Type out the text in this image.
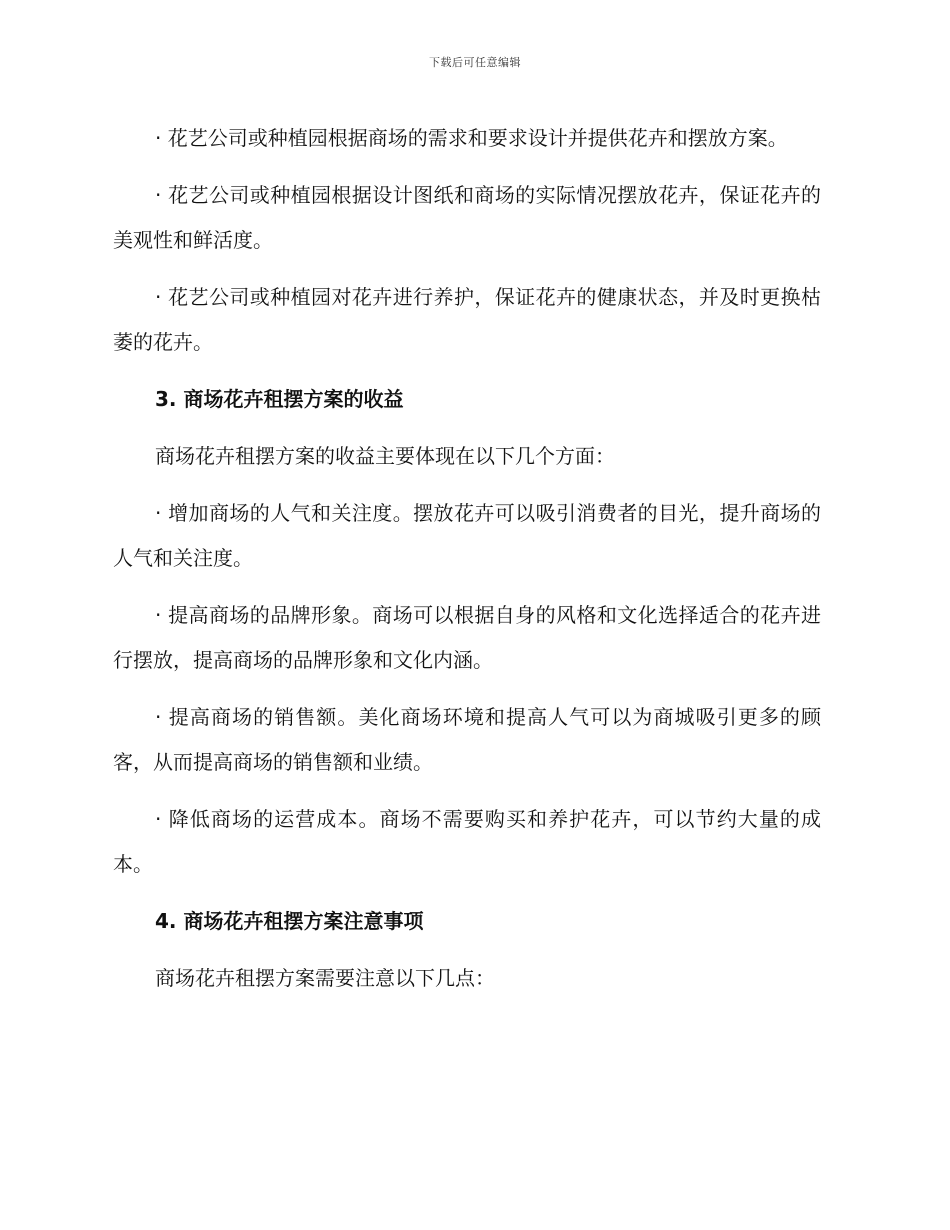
下载后可任意编辑

· 花艺公司或种植园根据商场的需求和要求设计并提供花卉和摆放方案。

· 花艺公司或种植园根据设计图纸和商场的实际情况摆放花卉，保证花卉的美观性和鲜活度。

· 花艺公司或种植园对花卉进行养护，保证花卉的健康状态，并及时更换枯萎的花卉。

3. 商场花卉租摆方案的收益

商场花卉租摆方案的收益主要体现在以下几个方面：

· 增加商场的人气和关注度。摆放花卉可以吸引消费者的目光，提升商场的人气和关注度。

· 提高商场的品牌形象。商场可以根据自身的风格和文化选择适合的花卉进行摆放，提高商场的品牌形象和文化内涵。

· 提高商场的销售额。美化商场环境和提高人气可以为商城吸引更多的顾客，从而提高商场的销售额和业绩。

· 降低商场的运营成本。商场不需要购买和养护花卉，可以节约大量的成本。

4. 商场花卉租摆方案注意事项

商场花卉租摆方案需要注意以下几点：
